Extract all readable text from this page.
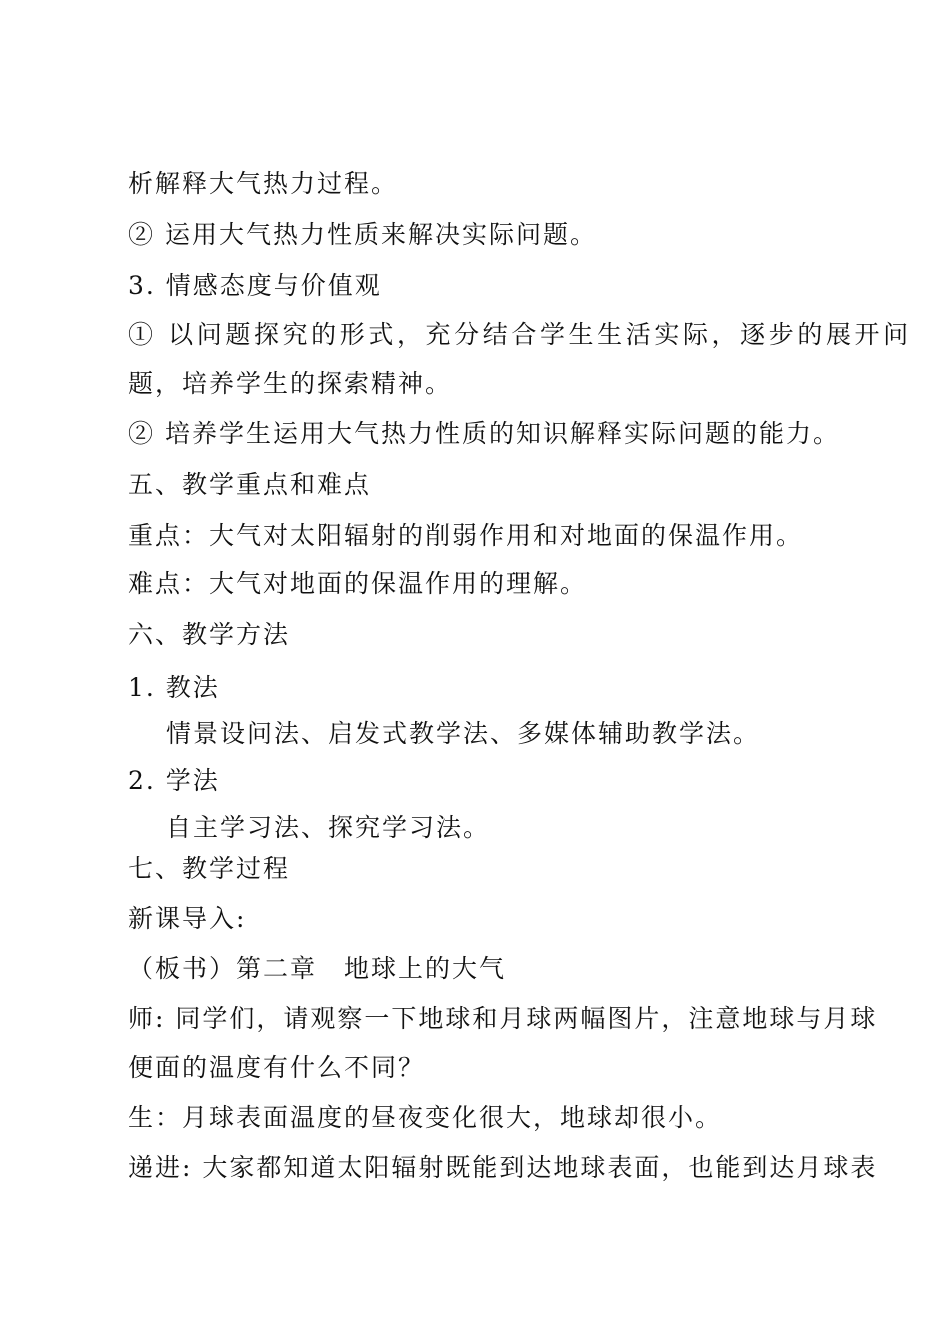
析解释大气热力过程。
② 运用大气热力性质来解决实际问题。
3. 情感态度与价值观
① 以问题探究的形式，充分结合学生生活实际，逐步的展开问
题，培养学生的探索精神。
② 培养学生运用大气热力性质的知识解释实际问题的能力。
五、教学重点和难点
重点：大气对太阳辐射的削弱作用和对地面的保温作用。
难点：大气对地面的保温作用的理解。
六、教学方法
1. 教法
情景设问法、启发式教学法、多媒体辅助教学法。
2. 学法
自主学习法、探究学习法。
七、教学过程
新课导入:
（板书）第二章　地球上的大气
师: 同学们，请观察一下地球和月球两幅图片，注意地球与月球
便面的温度有什么不同？
生：月球表面温度的昼夜变化很大，地球却很小。
递进: 大家都知道太阳辐射既能到达地球表面，也能到达月球表
